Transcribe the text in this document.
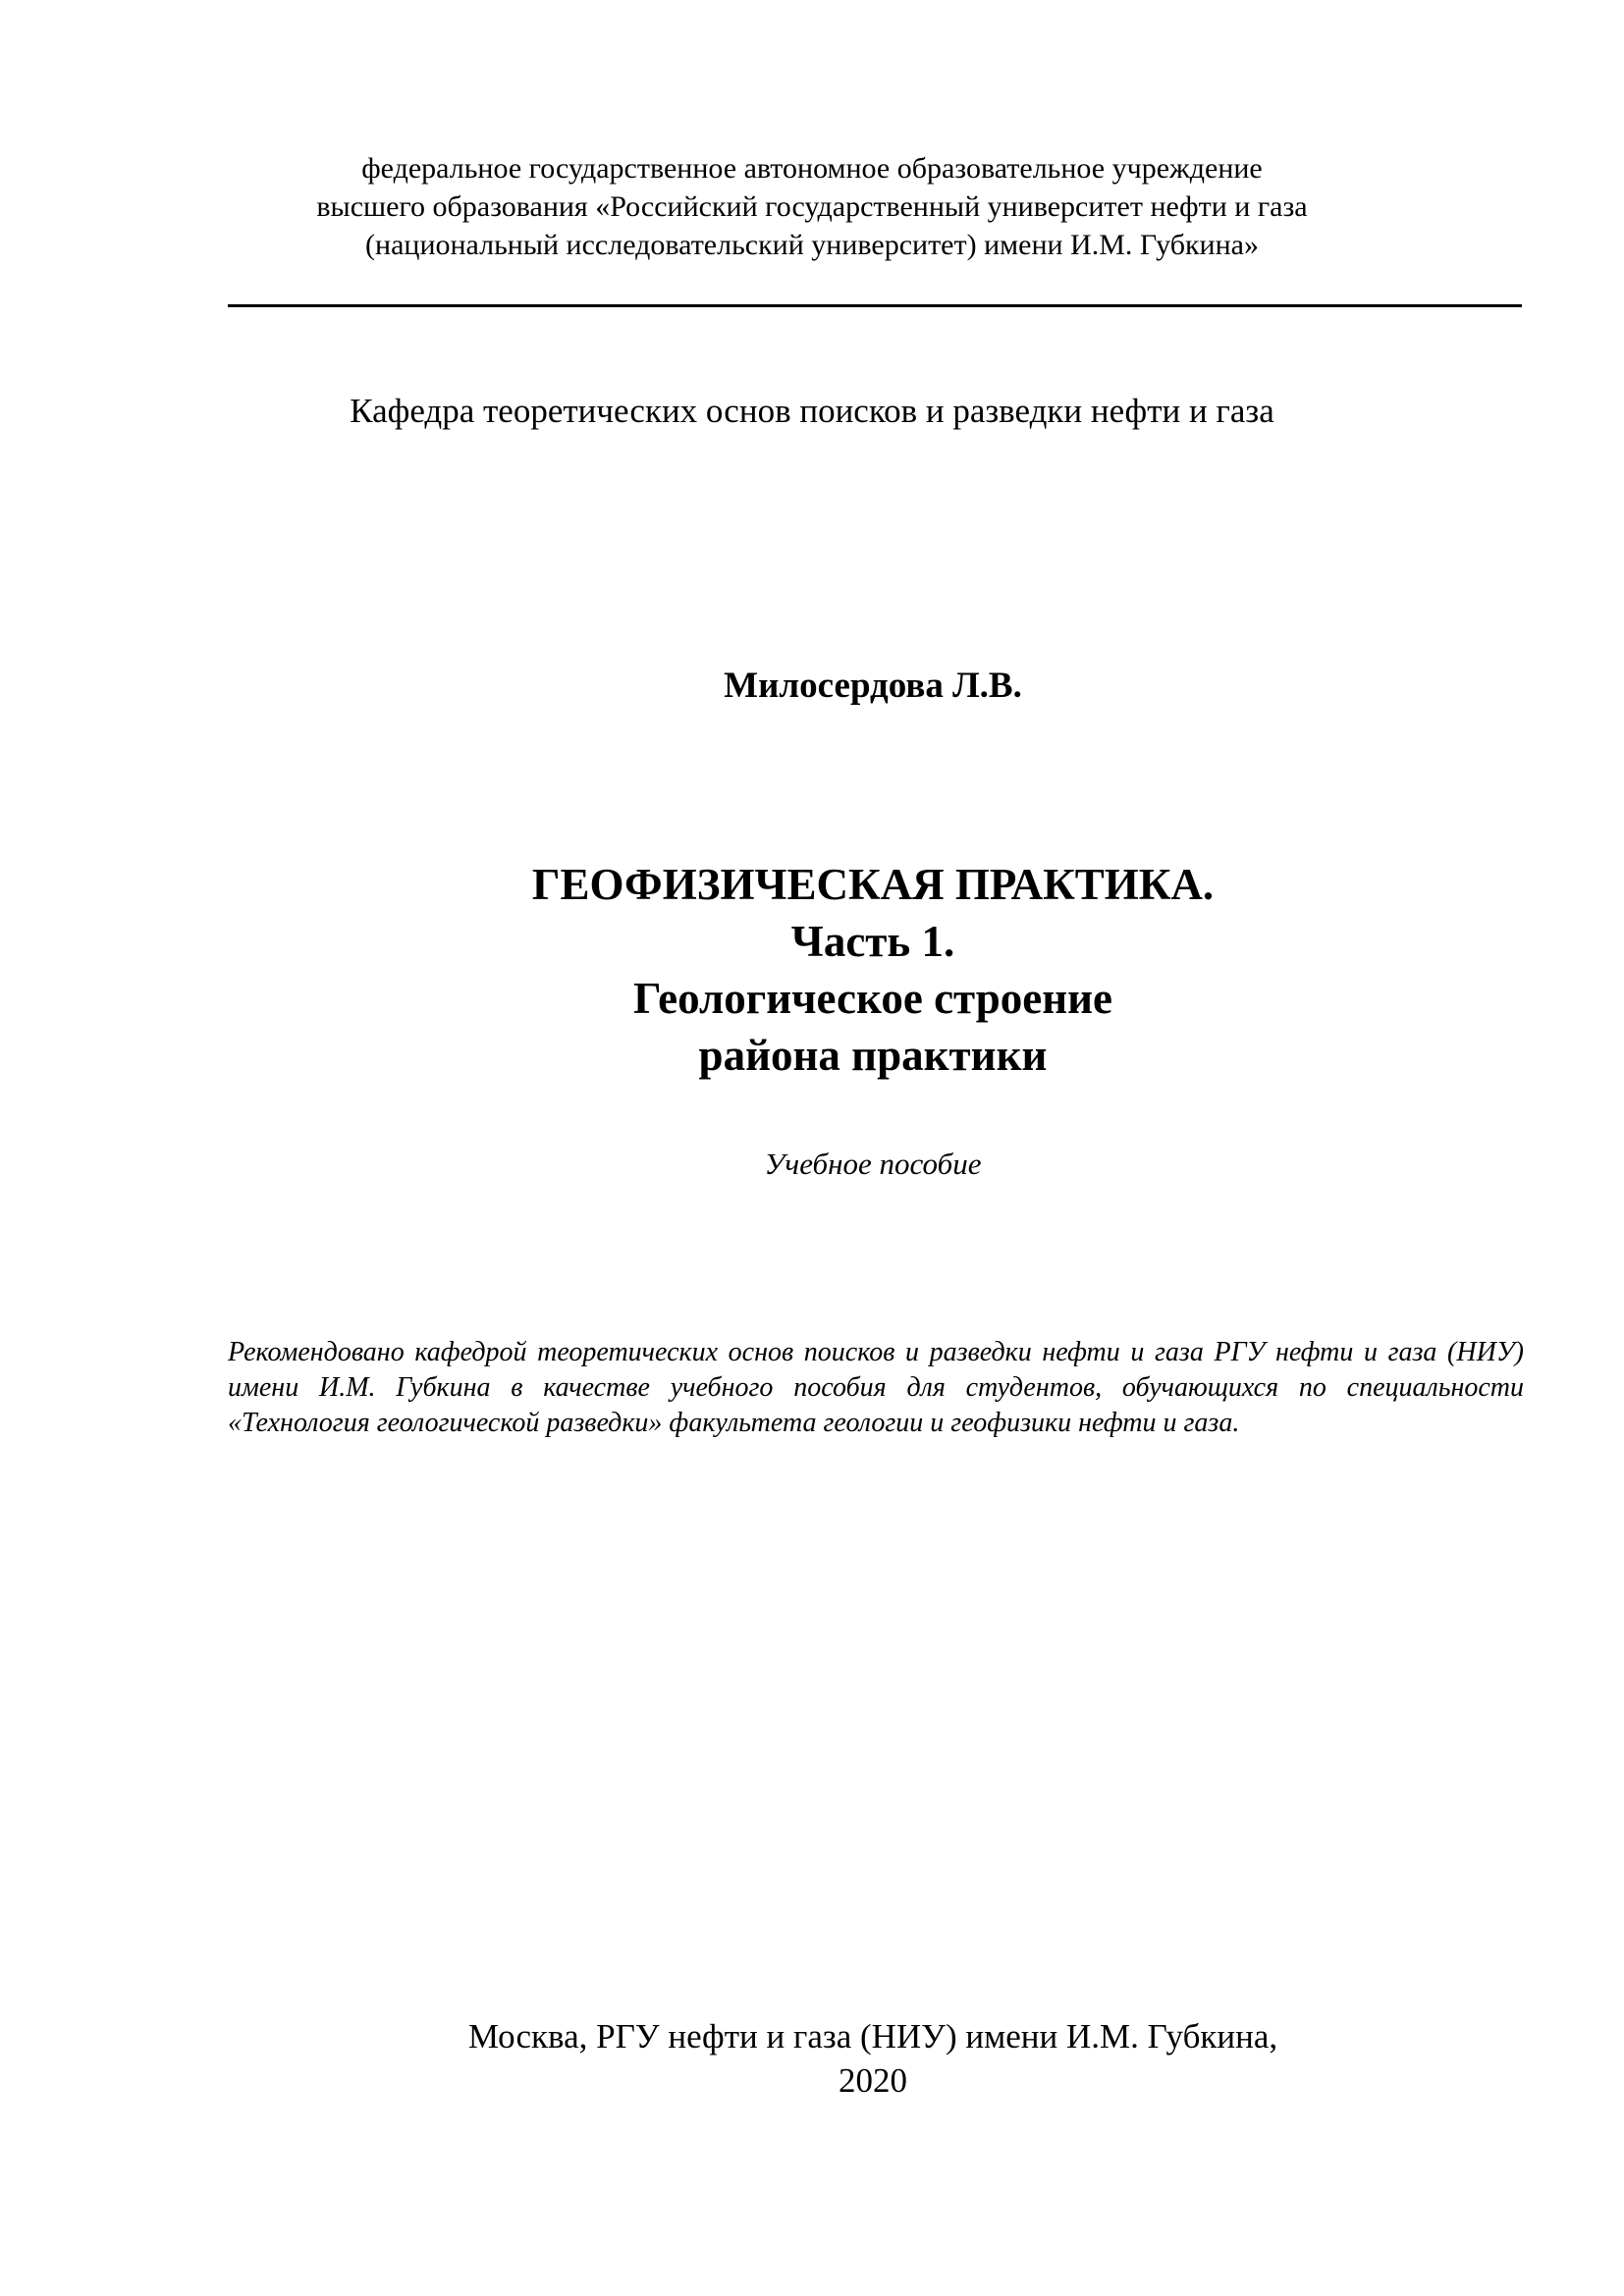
федеральное государственное автономное образовательное учреждение
высшего образования «Российский государственный университет нефти и газа
(национальный исследовательский университет) имени И.М. Губкина»
Кафедра теоретических основ поисков и разведки нефти и газа
Милосердова Л.В.
ГЕОФИЗИЧЕСКАЯ ПРАКТИКА.
Часть 1.
Геологическое строение
района практики
Учебное пособие
Рекомендовано кафедрой теоретических основ поисков и разведки нефти и газа РГУ нефти и газа (НИУ) имени И.М. Губкина в качестве учебного пособия для студентов, обучающихся по специальности «Технология геологической разведки» факультета геологии и геофизики нефти и газа.
Москва, РГУ нефти и газа (НИУ) имени И.М. Губкина,
2020
